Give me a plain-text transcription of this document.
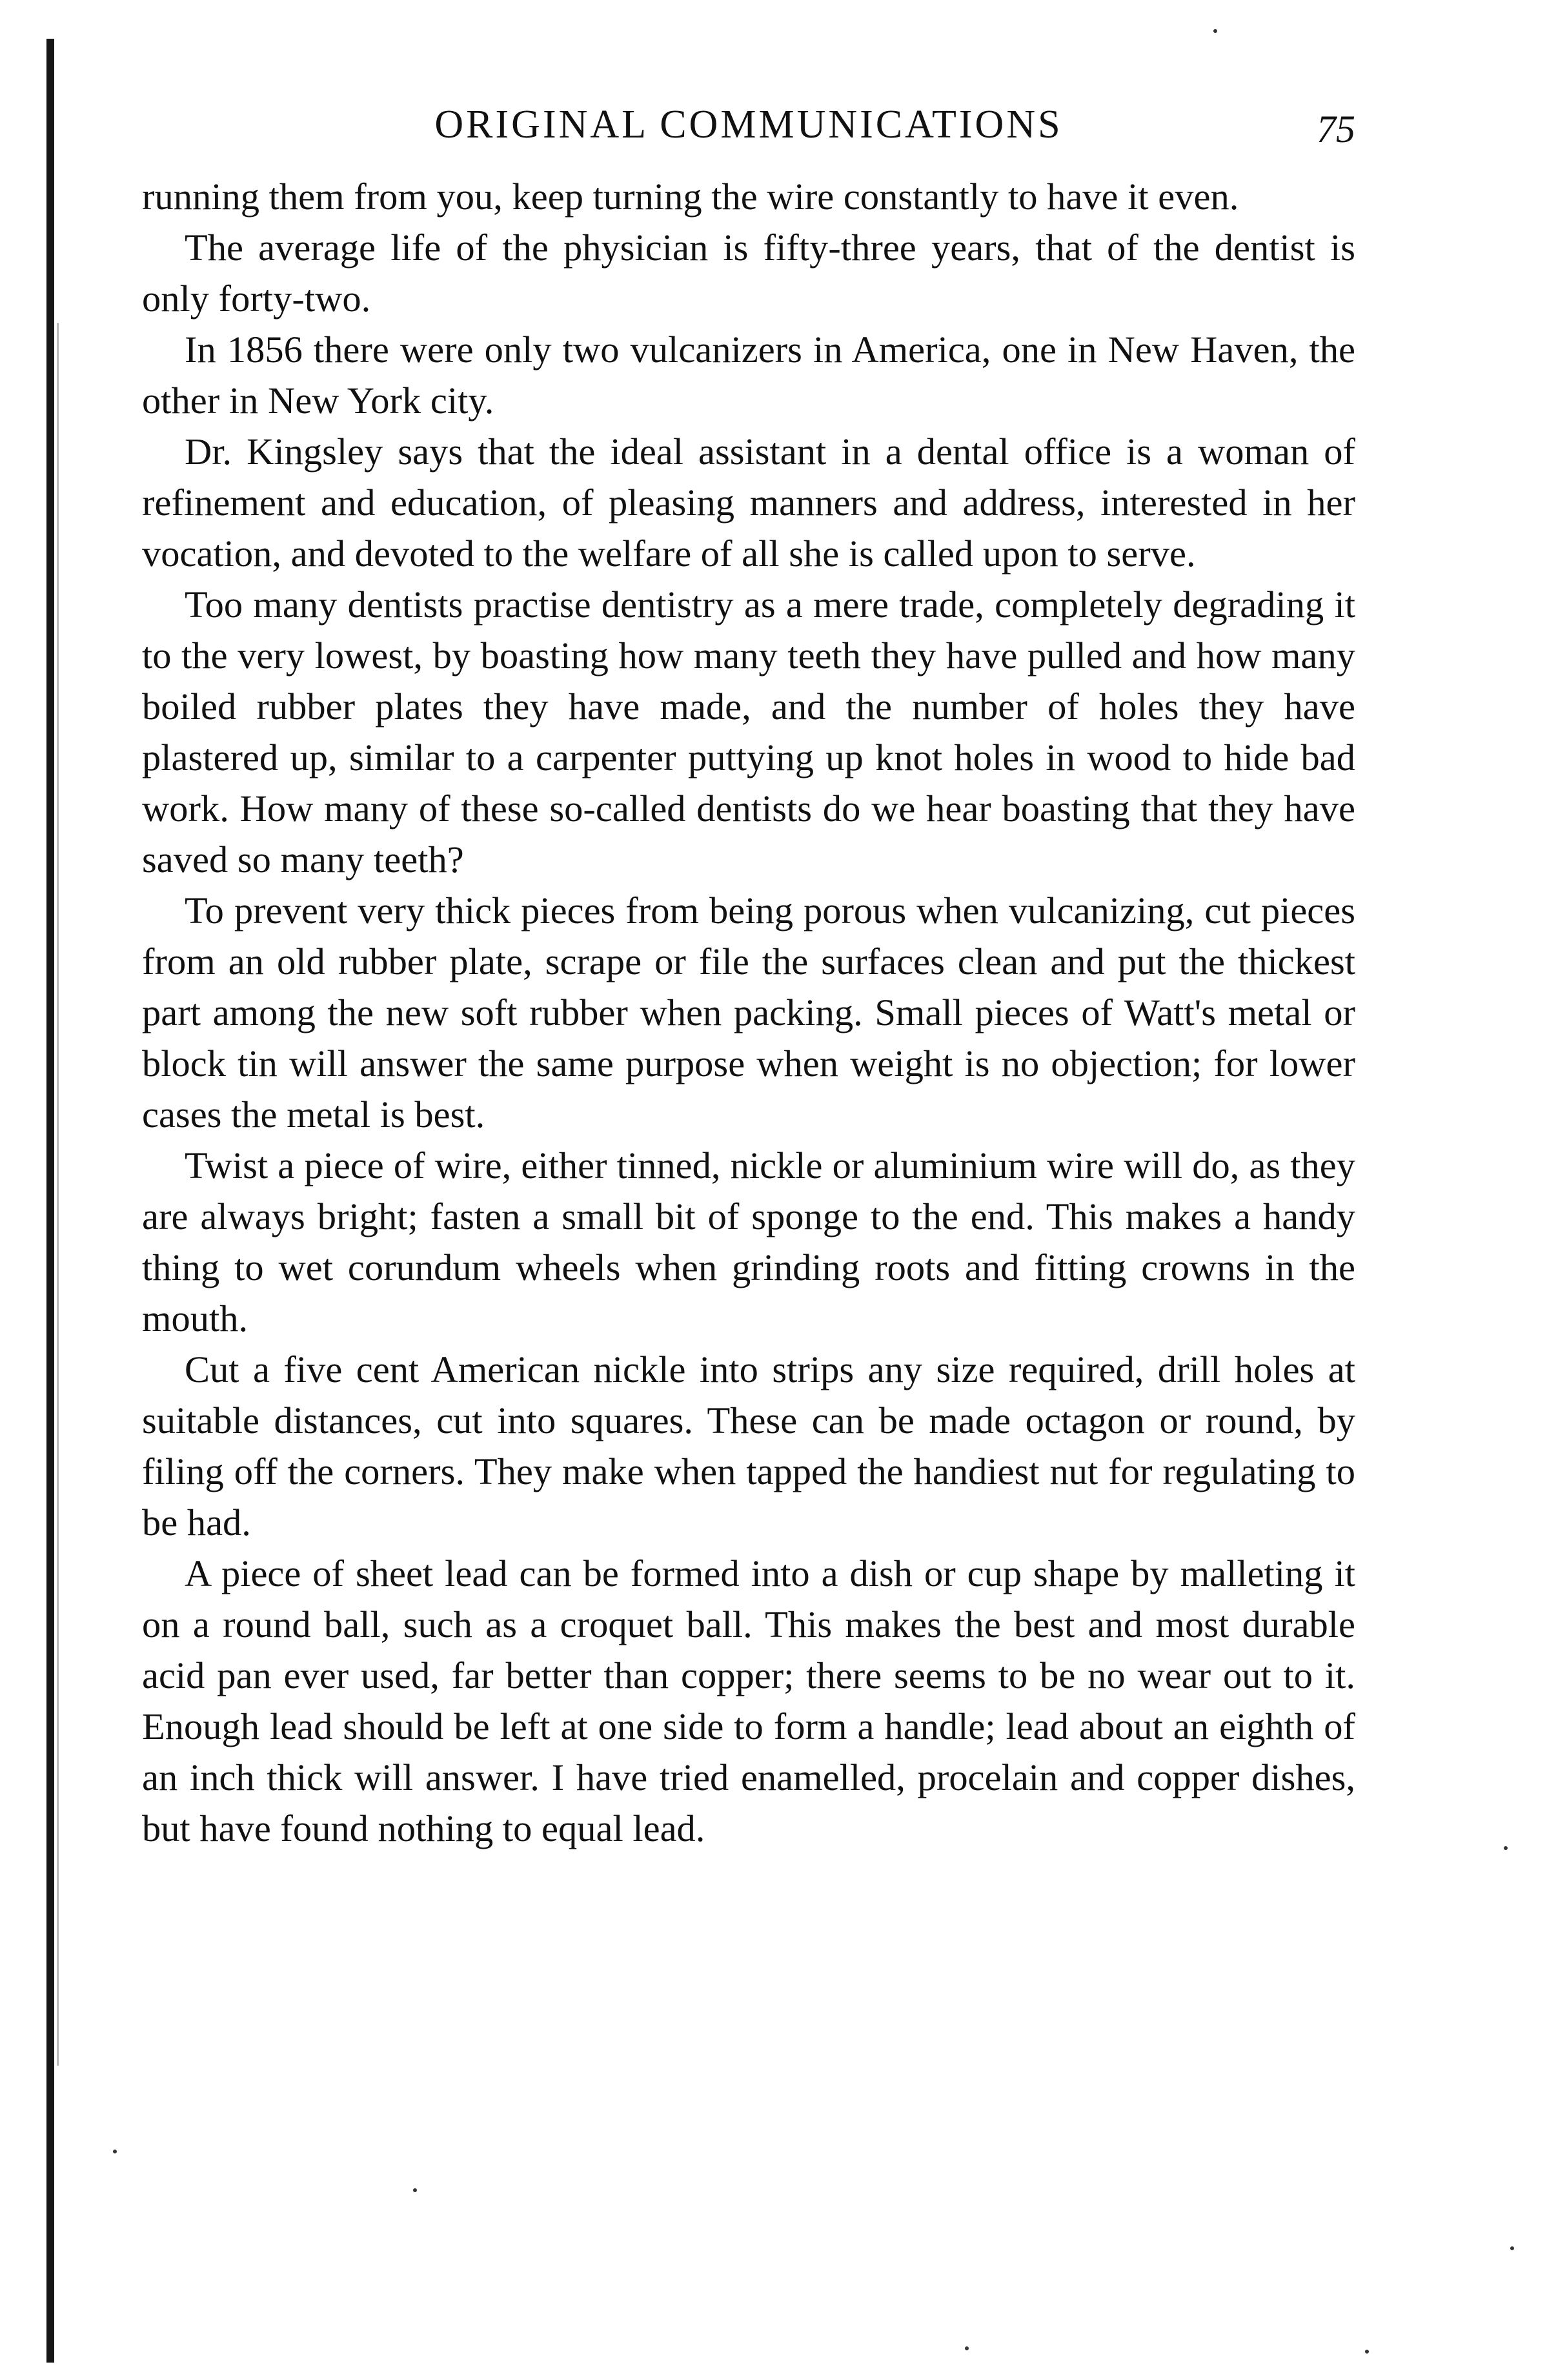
ORIGINAL COMMUNICATIONS	75

running them from you, keep turning the wire constantly to have it even.

The average life of the physician is fifty-three years, that of the dentist is only forty-two.

In 1856 there were only two vulcanizers in America, one in New Haven, the other in New York city.

Dr. Kingsley says that the ideal assistant in a dental office is a woman of refinement and education, of pleasing manners and address, interested in her vocation, and devoted to the welfare of all she is called upon to serve.

Too many dentists practise dentistry as a mere trade, completely degrading it to the very lowest, by boasting how many teeth they have pulled and how many boiled rubber plates they have made, and the number of holes they have plastered up, similar to a carpenter puttying up knot holes in wood to hide bad work. How many of these so-called dentists do we hear boasting that they have saved so many teeth?

To prevent very thick pieces from being porous when vulcanizing, cut pieces from an old rubber plate, scrape or file the surfaces clean and put the thickest part among the new soft rubber when packing. Small pieces of Watt's metal or block tin will answer the same purpose when weight is no objection; for lower cases the metal is best.

Twist a piece of wire, either tinned, nickle or aluminium wire will do, as they are always bright; fasten a small bit of sponge to the end. This makes a handy thing to wet corundum wheels when grinding roots and fitting crowns in the mouth.

Cut a five cent American nickle into strips any size required, drill holes at suitable distances, cut into squares. These can be made octagon or round, by filing off the corners. They make when tapped the handiest nut for regulating to be had.

A piece of sheet lead can be formed into a dish or cup shape by malleting it on a round ball, such as a croquet ball. This makes the best and most durable acid pan ever used, far better than copper; there seems to be no wear out to it. Enough lead should be left at one side to form a handle; lead about an eighth of an inch thick will answer. I have tried enamelled, procelain and copper dishes, but have found nothing to equal lead.
